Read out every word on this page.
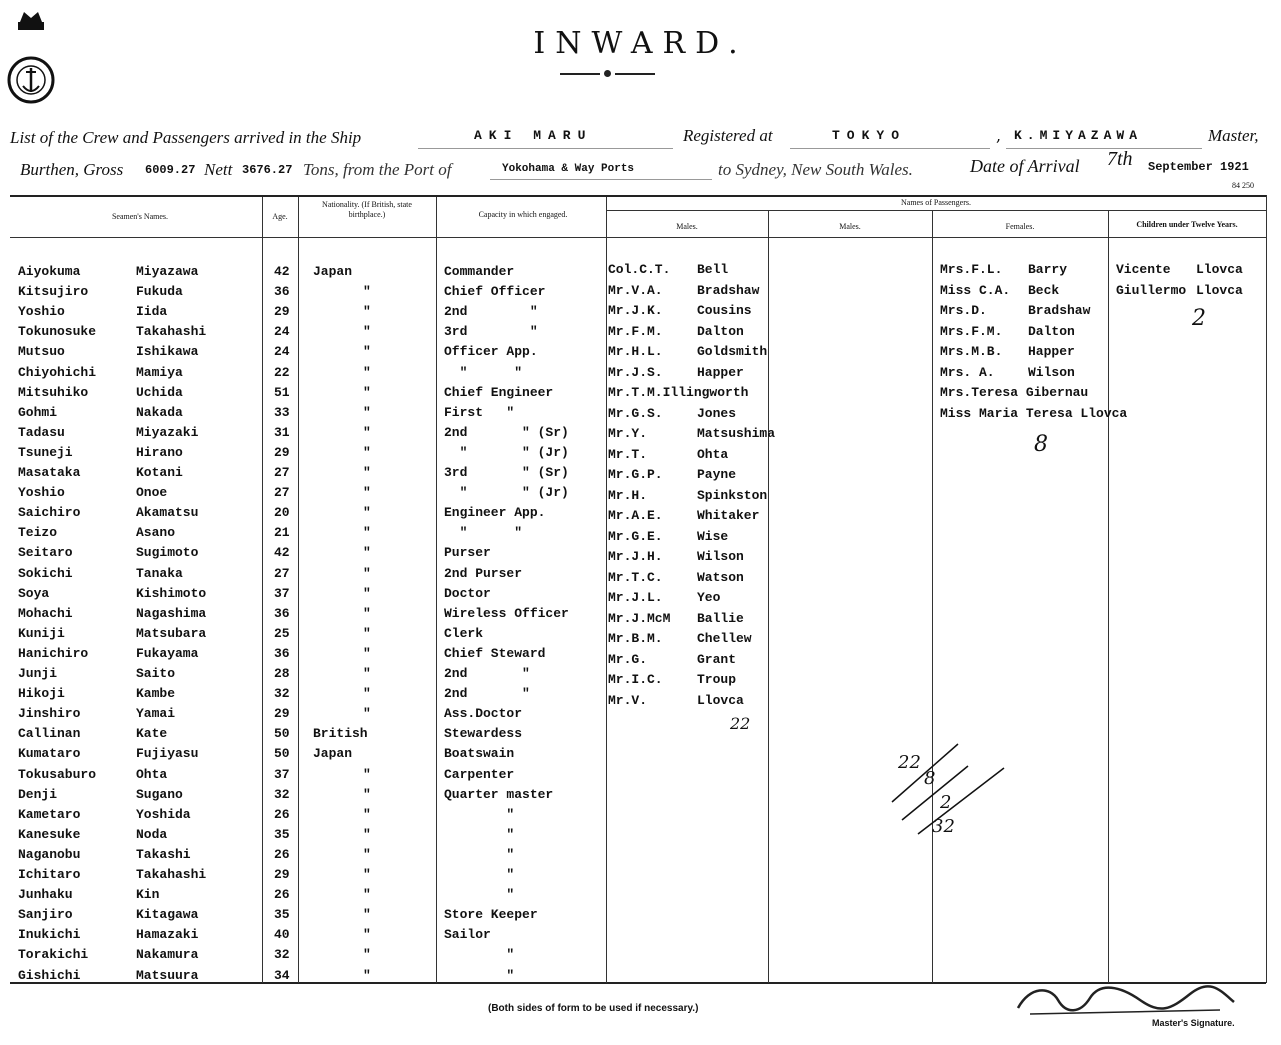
INWARD.
List of the Crew and Passengers arrived in the Ship	AKI MARU	Registered at	TOKYO	, K.MIYAZAWA	Master,
Burthen, Gross 6009.27 Nett 3676.27 Tons, from the Port of	Yokohama & Way Ports	to Sydney, New South Wales.	Date of Arrival 7th September 1921
84 250
Seamen's Names.	Age.
Nationality. (If British, state birthplace.)	Capacity in which engaged.
Names of Passengers.
Males.	Males.	Females.	Children under Twelve Years.
Aiyokuma	Miyazawa	42 Japan	Commander
Kitsujiro	Fukuda	36	"	Chief Officer
Yoshio	Iida	29	"	2nd        "
Tokunosuke	Takahashi	24	"	3rd        "
Mutsuo	Ishikawa	24	"	Officer App.
Chiyohichi	Mamiya	22	"	"      "
Mitsuhiko	Uchida	51	"	Chief Engineer
Gohmi	Nakada	33	"	First   "
Tadasu	Miyazaki	31	"	2nd       " (Sr)
Tsuneji	Hirano	29	"	"       " (Jr)
Masataka	Kotani	27	"	3rd       " (Sr)
Yoshio	Onoe	27	"	"       " (Jr)
Saichiro	Akamatsu	20	"	Engineer App.
Teizo	Asano	21	"	"      "
Seitaro	Sugimoto	42	"	Purser
Sokichi	Tanaka	27	"	2nd Purser
Soya	Kishimoto	37	"	Doctor
Mohachi	Nagashima	36	"	Wireless Officer
Kuniji	Matsubara	25	"	Clerk
Hanichiro	Fukayama	36	"	Chief Steward
Junji	Saito	28	"	2nd       "
Hikoji	Kambe	32	"	2nd       "
Jinshiro	Yamai	29	"	Ass.Doctor
Callinan	Kate	50 British	Stewardess
Kumataro	Fujiyasu	50 Japan	Boatswain
Tokusaburo	Ohta	37	"	Carpenter
Denji	Sugano	32	"	Quarter master
Kametaro	Yoshida	26	"	"
Kanesuke	Noda	35	"	"
Naganobu	Takashi	26	"	"
Ichitaro	Takahashi	29	"	"
Junhaku	Kin	26	"	"
Sanjiro	Kitagawa	35	"	Store Keeper
Inukichi	Hamazaki	40	"	Sailor
Torakichi	Nakamura	32	"	"
Gishichi	Matsuura	34	"	"
Col.C.T. Bell
Mr.V.A.	Bradshaw
Mr.J.K.	Cousins
Mr.F.M.	Dalton
Mr.H.L.	Goldsmith
Mr.J.S.	Happer
Mr.T.M.Illingworth
Mr.G.S.	Jones
Mr.Y.	Matsushima
Mr.T.	Ohta
Mr.G.P.	Payne
Mr.H.	Spinkston
Mr.A.E.	Whitaker
Mr.G.E.	Wise
Mr.J.H.	Wilson
Mr.T.C.	Watson
Mr.J.L.	Yeo
Mr.J.McM Ballie
Mr.B.M.	Chellew
Mr.G.	Grant
Mr.I.C.	Troup
Mr.V.	Llovca
Mrs.F.L. Barry
Miss C.A. Beck
Mrs.D.	Bradshaw
Mrs.F.M. Dalton
Mrs.M.B. Happer
Mrs. A.	Wilson
Mrs.Teresa Gibernau
Miss Maria Teresa Llovca
Vicente Llovca
Giullermo Llovca
2
8
22
22
8
2
32
(Both sides of form to be used if necessary.)
Master's Signature.
